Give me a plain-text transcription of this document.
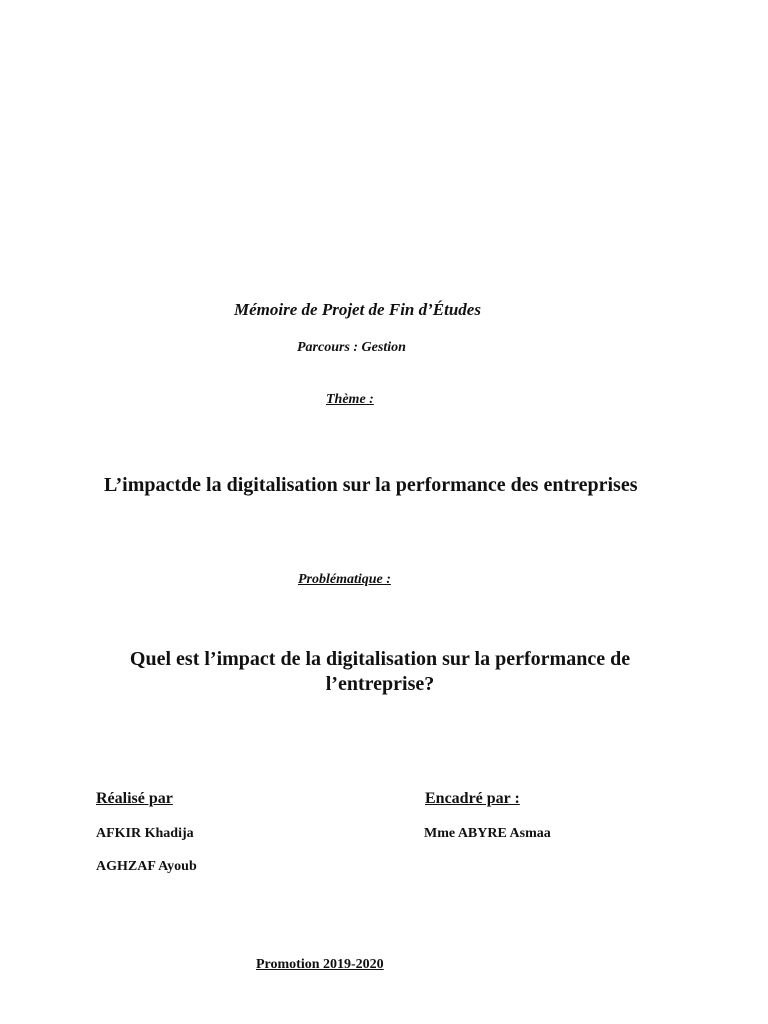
Mémoire de Projet de Fin d’Études
Parcours : Gestion
Thème :
L’impactde la digitalisation sur la performance des entreprises
Problématique :
Quel est l’impact de la digitalisation sur la performance de l’entreprise?
Réalisé par	Encadré par :
AFKIR Khadija
AGHZAF Ayoub
Mme ABYRE Asmaa
Promotion 2019-2020
